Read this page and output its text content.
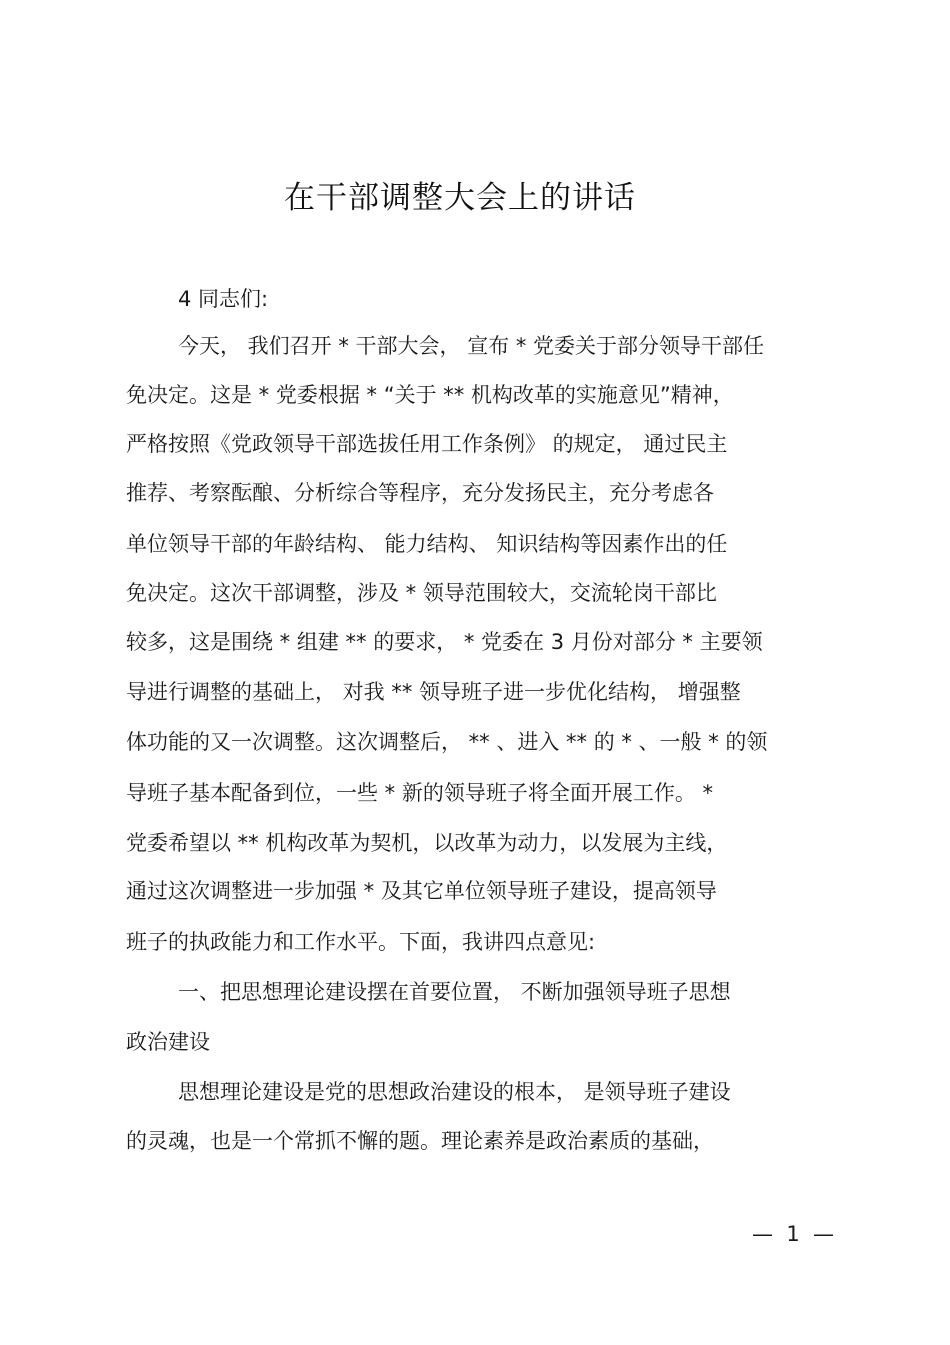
在干部调整大会上的讲话
4 同志们:
今天， 我们召开 * 干部大会， 宣布 * 党委关于部分领导干部任
免决定。这是 * 党委根据 * “关于 ** 机构改革的实施意见”精神，
严格按照《党政领导干部选拔任用工作条例》 的规定， 通过民主
推荐、考察酝酿、分析综合等程序，充分发扬民主，充分考虑各
单位领导干部的年龄结构、 能力结构、 知识结构等因素作出的任
免决定。这次干部调整，涉及 * 领导范围较大，交流轮岗干部比
较多，这是围绕 * 组建 ** 的要求， * 党委在 3 月份对部分 * 主要领
导进行调整的基础上， 对我 ** 领导班子进一步优化结构， 增强整
体功能的又一次调整。这次调整后， ** 、进入 ** 的 * 、一般 * 的领
导班子基本配备到位，一些 * 新的领导班子将全面开展工作。 *
党委希望以 ** 机构改革为契机，以改革为动力，以发展为主线，
通过这次调整进一步加强 * 及其它单位领导班子建设，提高领导
班子的执政能力和工作水平。下面，我讲四点意见:
一、把思想理论建设摆在首要位置， 不断加强领导班子思想
政治建设
思想理论建设是党的思想政治建设的根本， 是领导班子建设
的灵魂，也是一个常抓不懈的题。理论素养是政治素质的基础，
—  1  —
